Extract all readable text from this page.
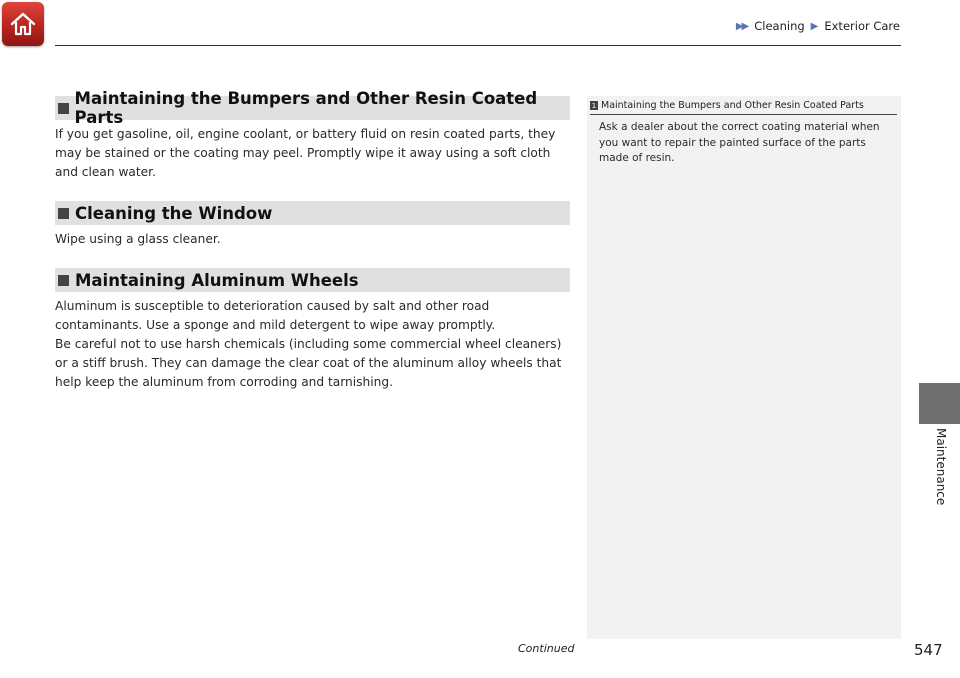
▶▶ Cleaning ▶ Exterior Care
Maintaining the Bumpers and Other Resin Coated Parts

If you get gasoline, oil, engine coolant, or battery fluid on resin coated parts, they may be stained or the coating may peel. Promptly wipe it away using a soft cloth and clean water.

Cleaning the Window

Wipe using a glass cleaner.

Maintaining Aluminum Wheels

Aluminum is susceptible to deterioration caused by salt and other road contaminants. Use a sponge and mild detergent to wipe away promptly.

Be careful not to use harsh chemicals (including some commercial wheel cleaners) or a stiff brush. They can damage the clear coat of the aluminum alloy wheels that help keep the aluminum from corroding and tarnishing.

1 Maintaining the Bumpers and Other Resin Coated Parts
Ask a dealer about the correct coating material when you want to repair the painted surface of the parts made of resin.
Continued	547
Maintenance
